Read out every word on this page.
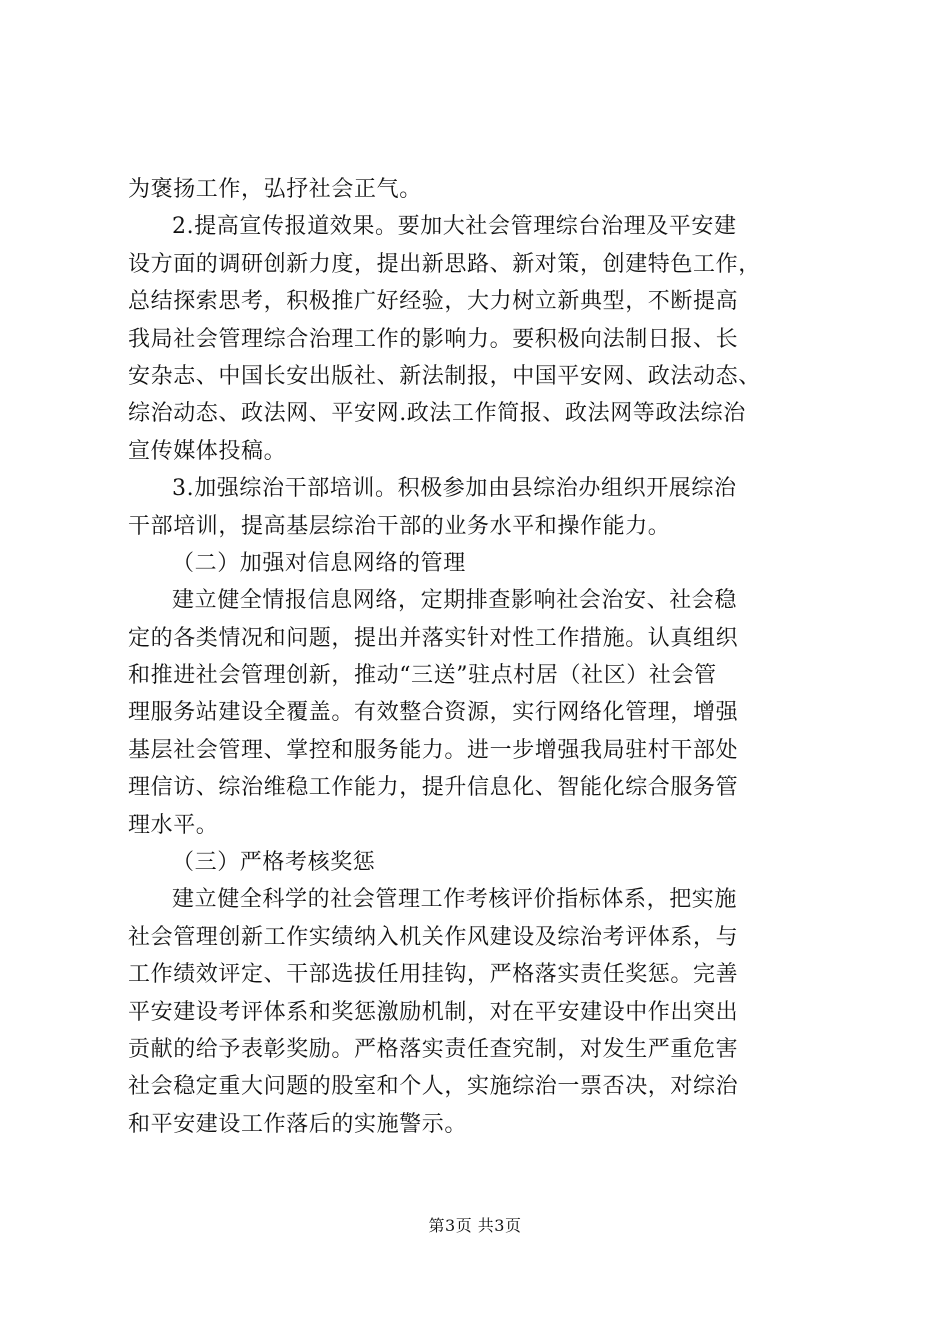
为褒扬工作，弘抒社会正气。
2.提高宣传报道效果。要加大社会管理综台治理及平安建
设方面的调研创新力度，提出新思路、新对策，创建特色工作，
总结探索思考，积极推广好经验，大力树立新典型，不断提高
我局社会管理综合治理工作的影响力。要积极向法制日报、长
安杂志、中国长安出版社、新法制报，中国平安网、政法动态、
综治动态、政法网、平安网.政法工作简报、政法网等政法综治
宣传媒体投稿。
3.加强综治干部培训。积极参加由县综治办组织开展综治
干部培训，提高基层综治干部的业务水平和操作能力。
（二）加强对信息网络的管理
建立健全情报信息网络，定期排查影响社会治安、社会稳
定的各类情况和问题，提出并落实针对性工作措施。认真组织
和推进社会管理创新，推动“三送”驻点村居（社区）社会管
理服务站建设全覆盖。有效整合资源，实行网络化管理，增强
基层社会管理、掌控和服务能力。进一步增强我局驻村干部处
理信访、综治维稳工作能力，提升信息化、智能化综合服务管
理水平。
（三）严格考核奖惩
建立健全科学的社会管理工作考核评价指标体系，把实施
社会管理创新工作实绩纳入机关作风建设及综治考评体系，与
工作绩效评定、干部选拔任用挂钩，严格落实责任奖惩。完善
平安建设考评体系和奖惩激励机制，对在平安建设中作出突出
贡献的给予表彰奖励。严格落实责任查究制，对发生严重危害
社会稳定重大问题的股室和个人，实施综治一票否决，对综治
和平安建设工作落后的实施警示。
第3页 共3页
